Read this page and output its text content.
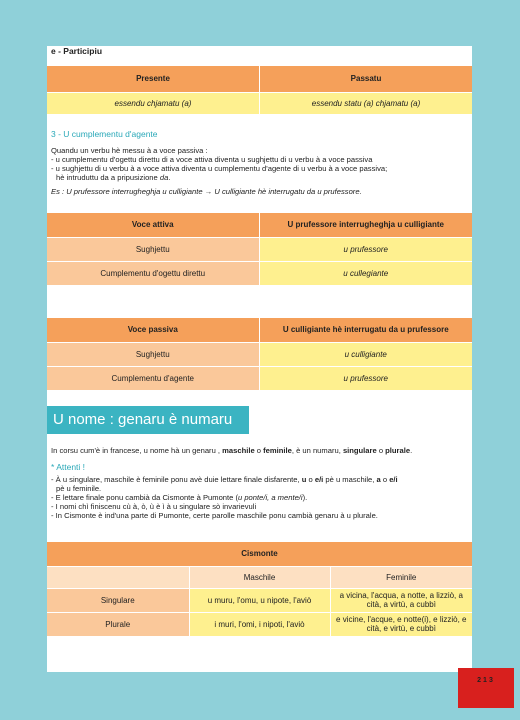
e - Participiu
Presente	Passatu
essendu chjamatu (a)	essendu statu (a) chjamatu (a)
3 - U cumplementu d'agente

Quandu un verbu hè messu à a voce passiva :

- u cumplementu d'ogettu direttu di a voce attiva diventa u sughjettu di u verbu à a voce passiva

- u sughjettu di u verbu à a voce attiva diventa u cumplementu d'agente di u verbu à a voce passiva;

hè intruduttu da a pripusizione da.

Es : U prufessore interrugheghja u culligiante → U culligiante hè interrugatu da u prufessore.

Voce attiva	U prufessore interrugheghja u culligiante
Sughjettu	u prufessore
Cumplementu d'ogettu direttu	u cullegiante
Voce passiva	U culligiante hè interrugatu da u prufessore
Sughjettu	u culligiante
Cumplementu d'agente	u prufessore
U nome : genaru è numaru
In corsu cum'è in francese, u nome hà un genaru , maschile o feminile, è un numaru, singulare o plurale.
* Attenti !

- À u singulare, maschile è feminile ponu avè duie lettare finale disfarente, u o e/i pè u maschile, a o e/i

pè u feminile.

- E lettare finale ponu cambià da Cismonte à Pumonte (u ponte/i, a mente/i).

- I nomi chì finiscenu cù à, ò, ù è ì à u singulare sò invarievuli

- In Cismonte è ind'una parte di Pumonte, certe parolle maschile ponu cambià genaru à u plurale.

Cismonte		
	Maschile	Feminile
Singulare	u muru, l'omu, u nipote, l'aviò	a vicina, l'acqua, a notte, a lizziò, a cità, a virtù, a cubbì
Plurale	i muri, l'omi, i nipoti, l'aviò	e vicine, l'acque, e notte(i), e lizziò, e cità, e virtù, e cubbì
213
